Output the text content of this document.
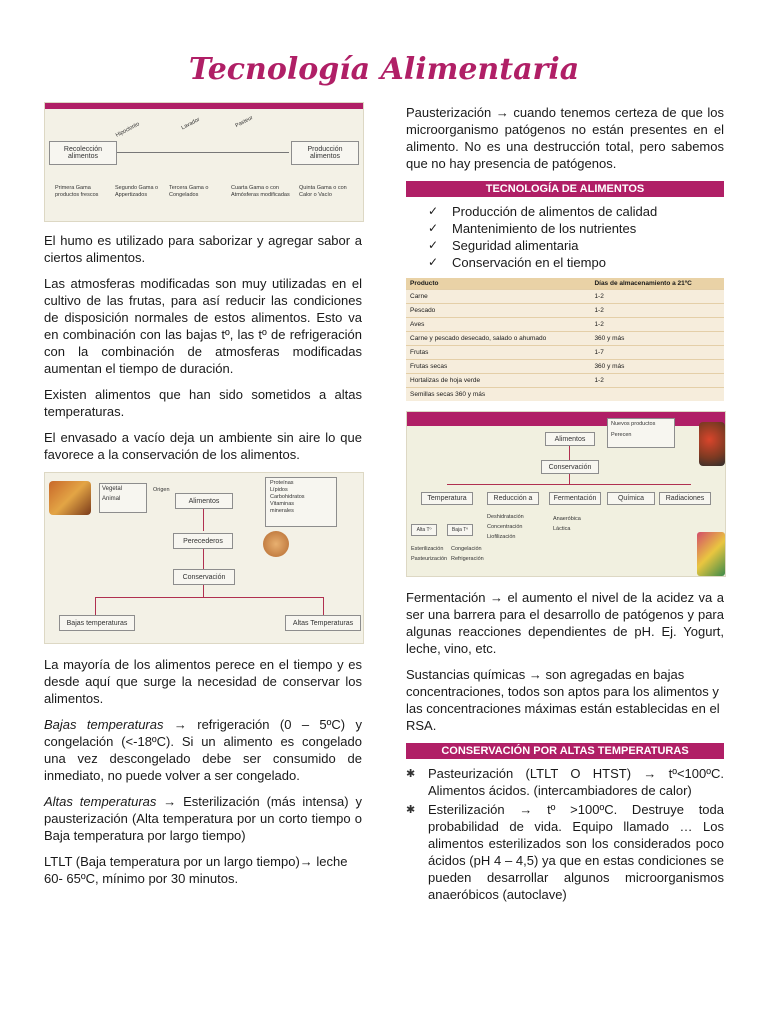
Tecnología Alimentaria
Recolección alimentos
Producción alimentos
Hipoclorito	Lavador	Pasteur
Primera Gama productos frescos
Segundo Gama o Appertizados
Tercera Gama o Congelados
Cuarta Gama o con Atmósferas modificadas
Quinta Gama o con Calor o Vacío

El humo es utilizado para saborizar y agregar sabor a ciertos alimentos.

Las atmosferas modificadas son muy utilizadas en el cultivo de las frutas, para así reducir las condiciones de disposición normales de estos alimentos. Esto va en combinación con las bajas tº, las tº de refrigeración con la combinación de atmosferas modificadas aumentan el tiempo de duración.

Existen alimentos que han sido sometidos a altas temperaturas.

El envasado a vacío deja un ambiente sin aire lo que favorece a la conservación de los alimentos.

Vegetal
Animal
Origen
Alimentos
Proteínas
Lípidos
Carbohidratos
Vitaminas
minerales
Perecederos
Conservación
Bajas temperaturas	Altas Temperaturas

La mayoría de los alimentos perece en el tiempo y es desde aquí que surge la necesidad de conservar los alimentos.

Bajas temperaturas → refrigeración (0 – 5ºC) y congelación (<-18ºC). Si un alimento es congelado una vez descongelado debe ser consumido de inmediato, no puede volver a ser congelado.

Altas temperaturas → Esterilización (más intensa) y pausterización (Alta temperatura por un corto tiempo o Baja temperatura por largo tiempo)

LTLT (Baja temperatura por un largo tiempo)→ leche 60- 65ºC, mínimo por 30 minutos.

Pausterización → cuando tenemos certeza de que los microorganismo patógenos no están presentes en el alimento. No es una destrucción total, pero sabemos que no hay presencia de patógenos.

TECNOLOGÍA DE ALIMENTOS
✓ Producción de alimentos de calidad
✓ Mantenimiento de los nutrientes
✓ Seguridad alimentaria
✓ Conservación en el tiempo
Producto	Días de almacenamiento a 21ºC
Carne	1-2
Pescado	1-2
Aves	1-2
Carne y pescado desecado, salado o ahumado	360 y más
Frutas	1-7
Frutas secas	360 y más
Hortalizas de hoja verde	1-2
Semillas secas 360 y más	
Alimentos
Nuevos productos
Perecen
Conservación
Temperatura	Reducción a	Fermentación	Química	Radiaciones
Alta Tº	Baja Tº
Deshidratación
Concentración
Liofilización
Anaeróbica
Láctica
Esterilización Congelación
Pasteurización Refrigeración

Fermentación → el aumento el nivel de la acidez va a ser una barrera para el desarrollo de patógenos y para algunas reacciones dependientes de pH. Ej. Yogurt, leche, vino, etc.

Sustancias químicas → son agregadas en bajas concentraciones, todos son aptos para los alimentos y las concentraciones máximas están establecidas en el RSA.

CONSERVACIÓN POR ALTAS TEMPERATURAS
✱ Pasteurización (LTLT O HTST) → tº<100ºC. Alimentos ácidos. (intercambiadores de calor)
✱ Esterilización → tº >100ºC. Destruye toda probabilidad de vida. Equipo llamado … Los alimentos esterilizados son los considerados poco ácidos (pH 4 – 4,5) ya que en estas condiciones se pueden desarrollar algunos microorganismos anaeróbicos (autoclave)
